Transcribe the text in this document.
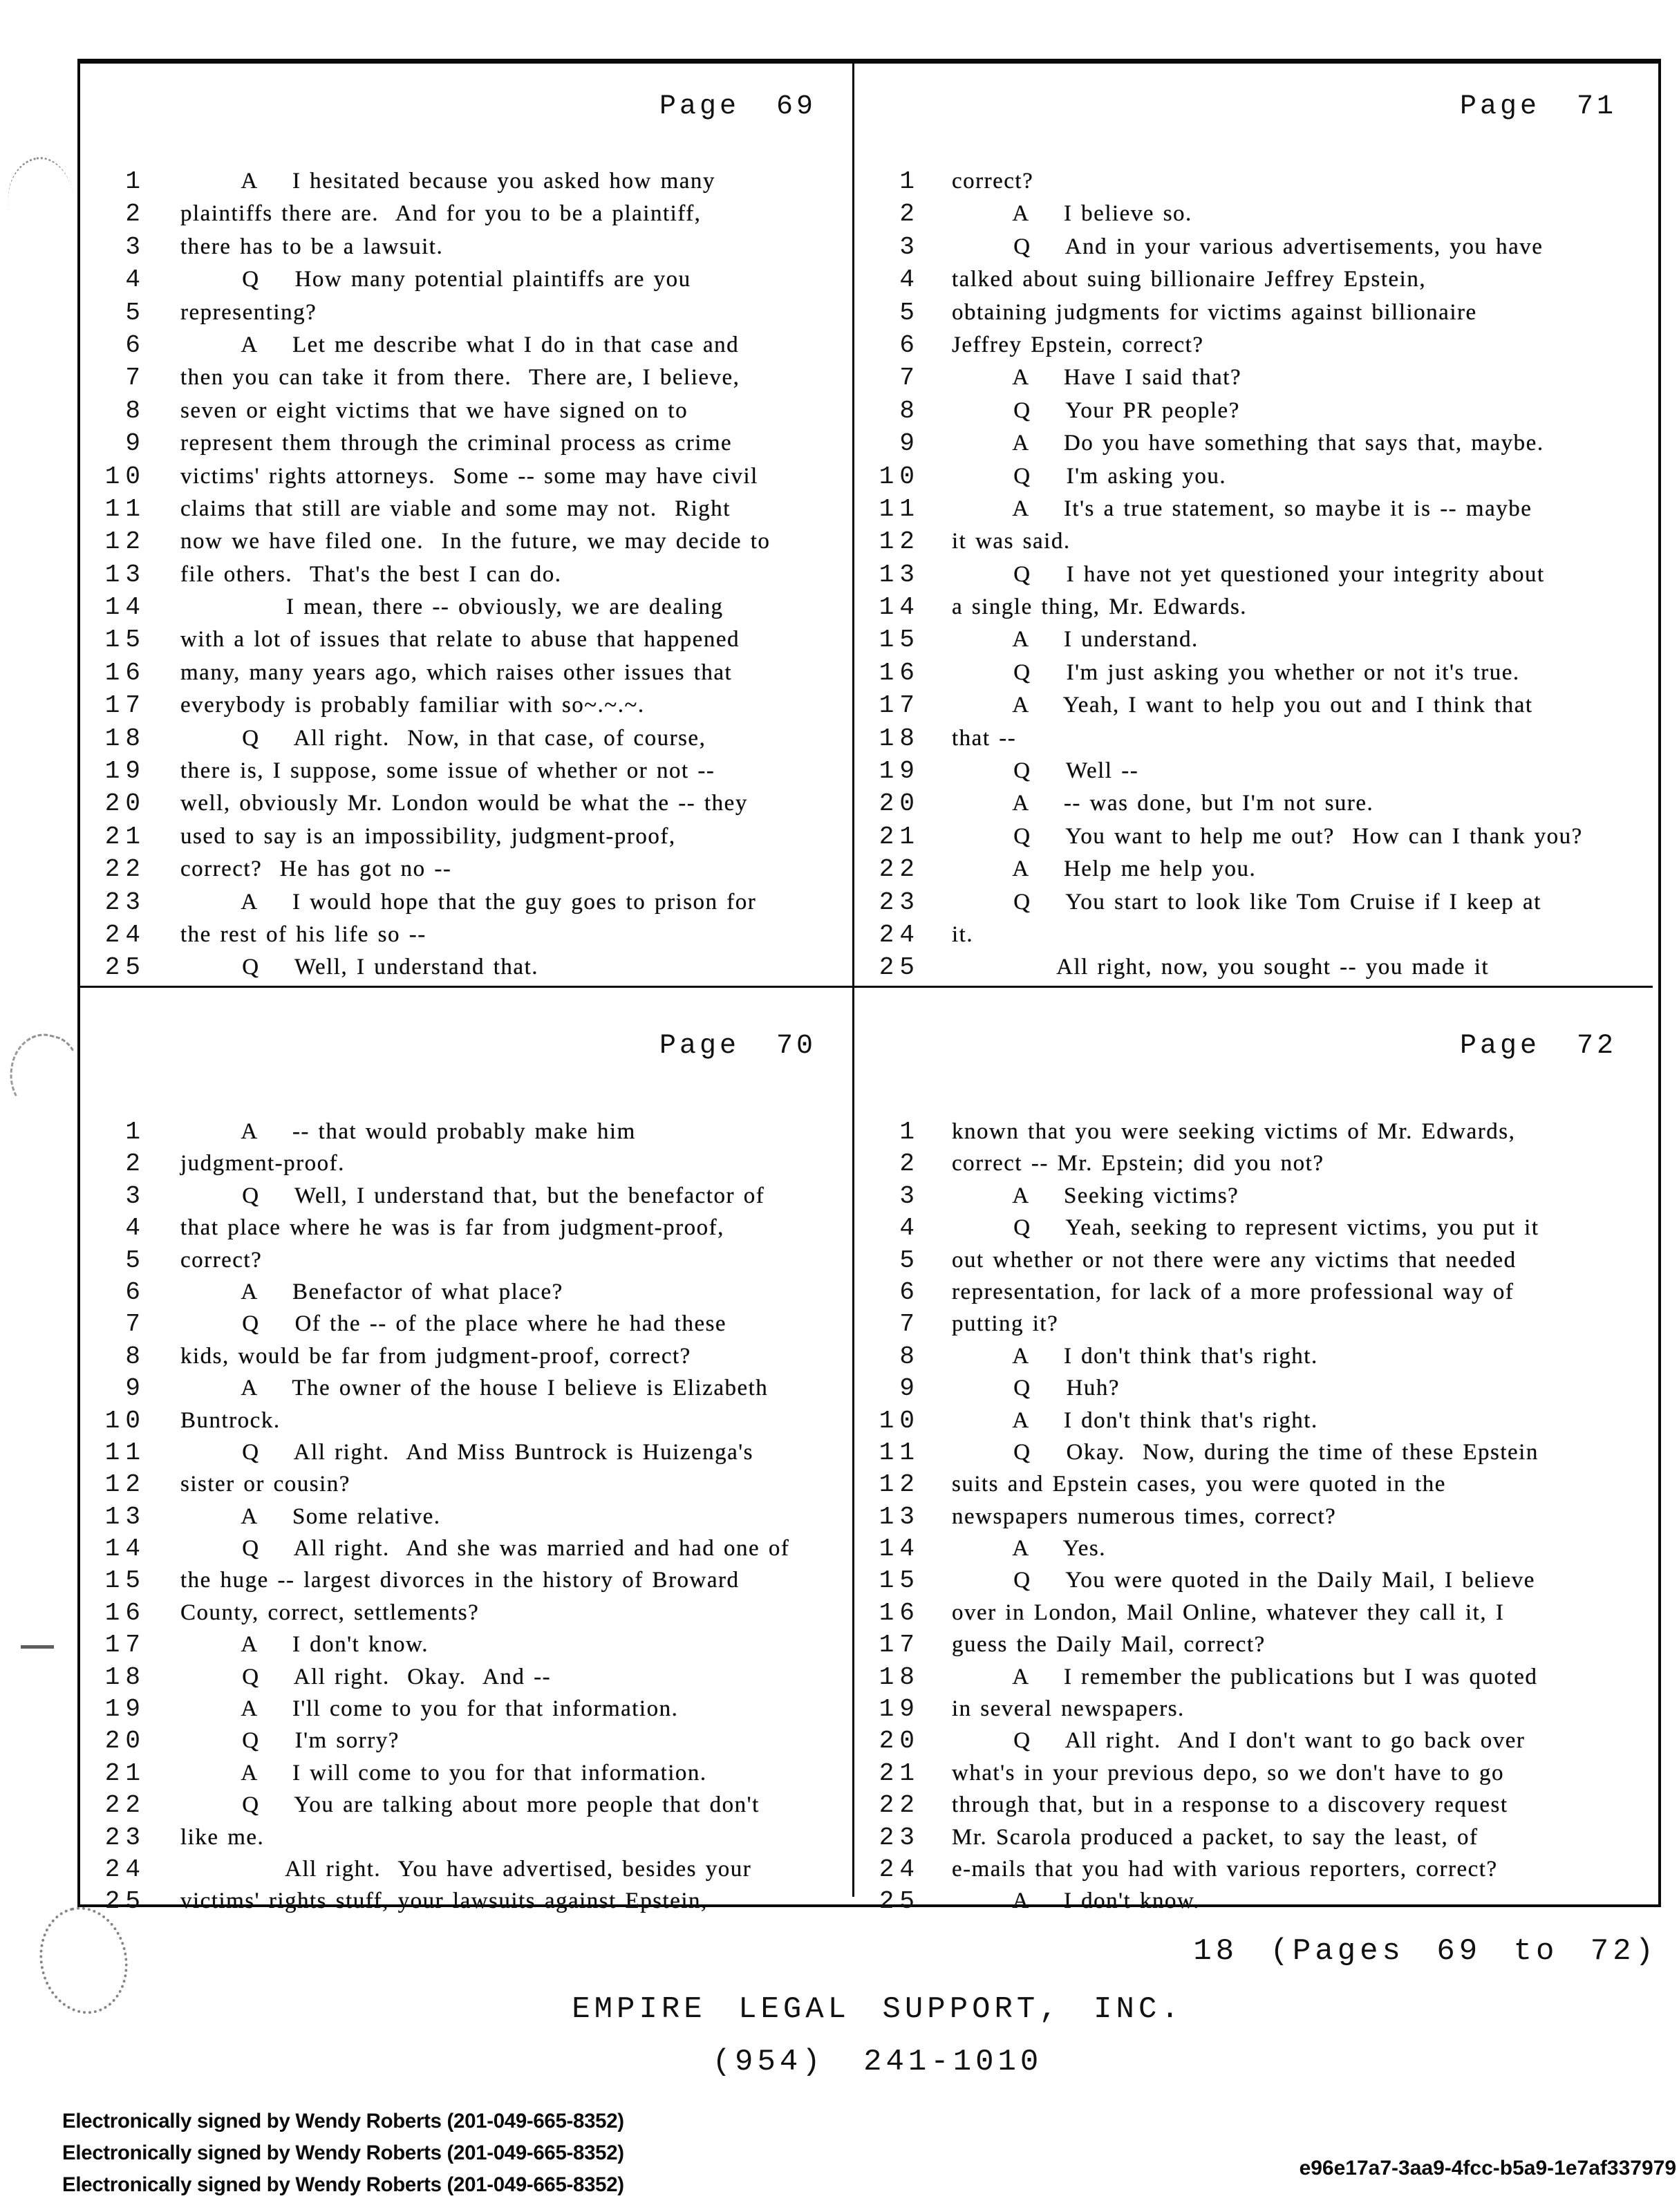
Page 69
1	A    I hesitated because you asked how many
2	plaintiffs there are.  And for you to be a plaintiff,
3	there has to be a lawsuit.
4	Q    How many potential plaintiffs are you
5	representing?
6	A    Let me describe what I do in that case and
7	then you can take it from there.  There are, I believe,
8	seven or eight victims that we have signed on to
9	represent them through the criminal process as crime
10	victims' rights attorneys.  Some -- some may have civil
11	claims that still are viable and some may not.  Right
12	now we have filed one.  In the future, we may decide to
13	file others.  That's the best I can do.
14	I mean, there -- obviously, we are dealing
15	with a lot of issues that relate to abuse that happened
16	many, many years ago, which raises other issues that
17	everybody is probably familiar with so~.~.~.
18	Q    All right.  Now, in that case, of course,
19	there is, I suppose, some issue of whether or not --
20	well, obviously Mr. London would be what the -- they
21	used to say is an impossibility, judgment-proof,
22	correct?  He has got no --
23	A    I would hope that the guy goes to prison for
24	the rest of his life so --
25	Q    Well, I understand that.
Page 71
1	correct?
2	A    I believe so.
3	Q    And in your various advertisements, you have
4	talked about suing billionaire Jeffrey Epstein,
5	obtaining judgments for victims against billionaire
6	Jeffrey Epstein, correct?
7	A    Have I said that?
8	Q    Your PR people?
9	A    Do you have something that says that, maybe.
10	Q    I'm asking you.
11	A    It's a true statement, so maybe it is -- maybe
12	it was said.
13	Q    I have not yet questioned your integrity about
14	a single thing, Mr. Edwards.
15	A    I understand.
16	Q    I'm just asking you whether or not it's true.
17	A    Yeah, I want to help you out and I think that
18	that --
19	Q    Well --
20	A    -- was done, but I'm not sure.
21	Q    You want to help me out?  How can I thank you?
22	A    Help me help you.
23	Q    You start to look like Tom Cruise if I keep at
24	it.
25	All right, now, you sought -- you made it
Page 70
1	A    -- that would probably make him
2	judgment-proof.
3	Q    Well, I understand that, but the benefactor of
4	that place where he was is far from judgment-proof,
5	correct?
6	A    Benefactor of what place?
7	Q    Of the -- of the place where he had these
8	kids, would be far from judgment-proof, correct?
9	A    The owner of the house I believe is Elizabeth
10	Buntrock.
11	Q    All right.  And Miss Buntrock is Huizenga's
12	sister or cousin?
13	A    Some relative.
14	Q    All right.  And she was married and had one of
15	the huge -- largest divorces in the history of Broward
16	County, correct, settlements?
17	A    I don't know.
18	Q    All right.  Okay.  And --
19	A    I'll come to you for that information.
20	Q    I'm sorry?
21	A    I will come to you for that information.
22	Q    You are talking about more people that don't
23	like me.
24	All right.  You have advertised, besides your
25	victims' rights stuff, your lawsuits against Epstein,
Page 72
1	known that you were seeking victims of Mr. Edwards,
2	correct -- Mr. Epstein; did you not?
3	A    Seeking victims?
4	Q    Yeah, seeking to represent victims, you put it
5	out whether or not there were any victims that needed
6	representation, for lack of a more professional way of
7	putting it?
8	A    I don't think that's right.
9	Q    Huh?
10	A    I don't think that's right.
11	Q    Okay.  Now, during the time of these Epstein
12	suits and Epstein cases, you were quoted in the
13	newspapers numerous times, correct?
14	A    Yes.
15	Q    You were quoted in the Daily Mail, I believe
16	over in London, Mail Online, whatever they call it, I
17	guess the Daily Mail, correct?
18	A    I remember the publications but I was quoted
19	in several newspapers.
20	Q    All right.  And I don't want to go back over
21	what's in your previous depo, so we don't have to go
22	through that, but in a response to a discovery request
23	Mr. Scarola produced a packet, to say the least, of
24	e-mails that you had with various reporters, correct?
25	A    I don't know.
18 (Pages 69 to 72)
EMPIRE LEGAL SUPPORT, INC.
(954) 241-1010
Electronically signed by Wendy Roberts (201-049-665-8352)
Electronically signed by Wendy Roberts (201-049-665-8352)
Electronically signed by Wendy Roberts (201-049-665-8352)
e96e17a7-3aa9-4fcc-b5a9-1e7af337979
